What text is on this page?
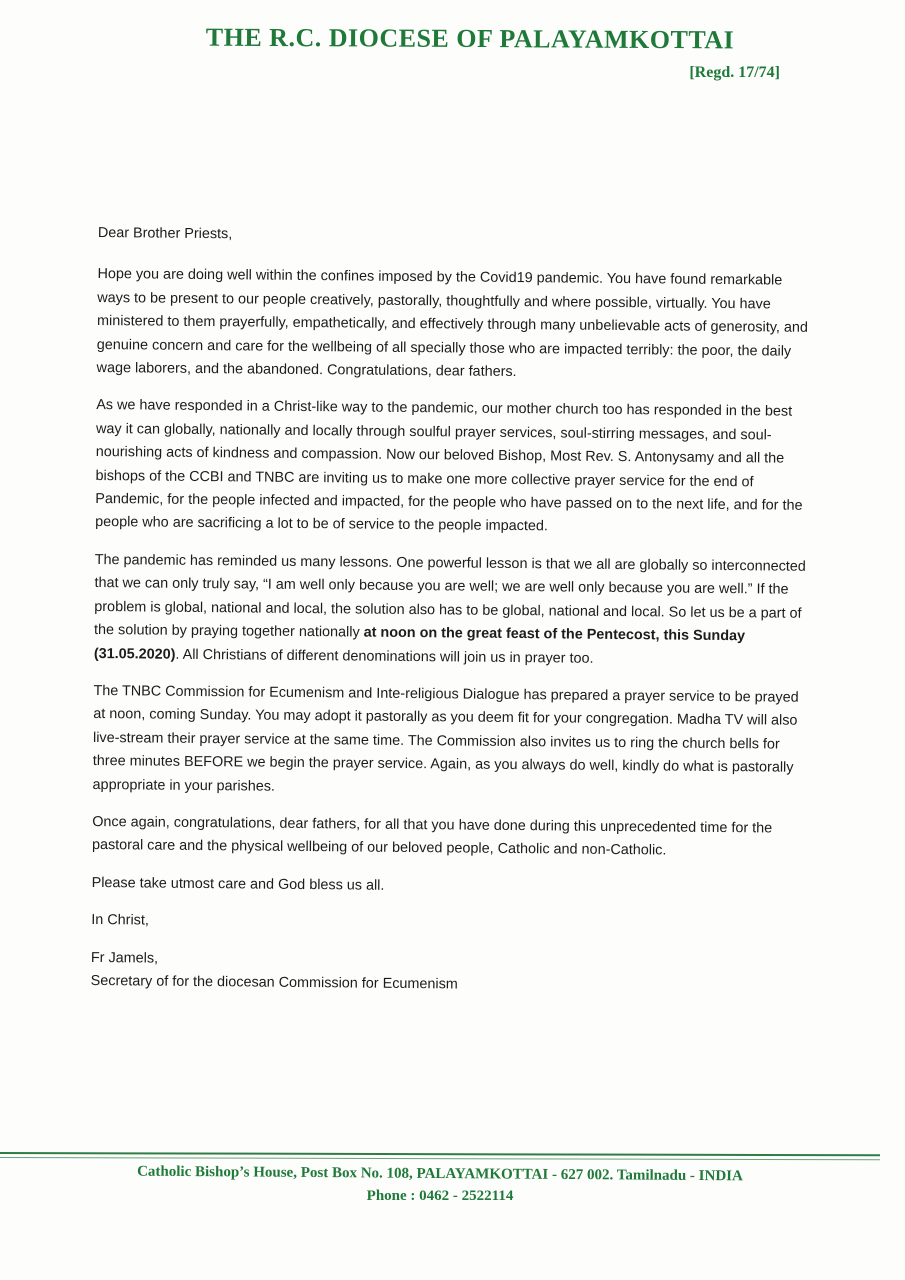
THE R.C. DIOCESE OF PALAYAMKOTTAI
[Regd. 17/74]

Dear Brother Priests,

Hope you are doing well within the confines imposed by the Covid19 pandemic. You have found remarkable ways to be present to our people creatively, pastorally, thoughtfully and where possible, virtually. You have ministered to them prayerfully, empathetically, and effectively through many unbelievable acts of generosity, and genuine concern and care for the wellbeing of all specially those who are impacted terribly: the poor, the daily wage laborers, and the abandoned. Congratulations, dear fathers.

As we have responded in a Christ-like way to the pandemic, our mother church too has responded in the best way it can globally, nationally and locally through soulful prayer services, soul-stirring messages, and soul-nourishing acts of kindness and compassion. Now our beloved Bishop, Most Rev. S. Antonysamy and all the bishops of the CCBI and TNBC are inviting us to make one more collective prayer service for the end of Pandemic, for the people infected and impacted, for the people who have passed on to the next life, and for the people who are sacrificing a lot to be of service to the people impacted.

The pandemic has reminded us many lessons. One powerful lesson is that we all are globally so interconnected that we can only truly say, “I am well only because you are well; we are well only because you are well.” If the problem is global, national and local, the solution also has to be global, national and local. So let us be a part of the solution by praying together nationally at noon on the great feast of the Pentecost, this Sunday (31.05.2020). All Christians of different denominations will join us in prayer too.

The TNBC Commission for Ecumenism and Inte-religious Dialogue has prepared a prayer service to be prayed at noon, coming Sunday. You may adopt it pastorally as you deem fit for your congregation. Madha TV will also live-stream their prayer service at the same time. The Commission also invites us to ring the church bells for three minutes BEFORE we begin the prayer service. Again, as you always do well, kindly do what is pastorally appropriate in your parishes.

Once again, congratulations, dear fathers, for all that you have done during this unprecedented time for the pastoral care and the physical wellbeing of our beloved people, Catholic and non-Catholic.

Please take utmost care and God bless us all.

In Christ,

Fr Jamels,
Secretary of for the diocesan Commission for Ecumenism

Catholic Bishop’s House, Post Box No. 108, PALAYAMKOTTAI - 627 002. Tamilnadu - INDIA
Phone : 0462 - 2522114
